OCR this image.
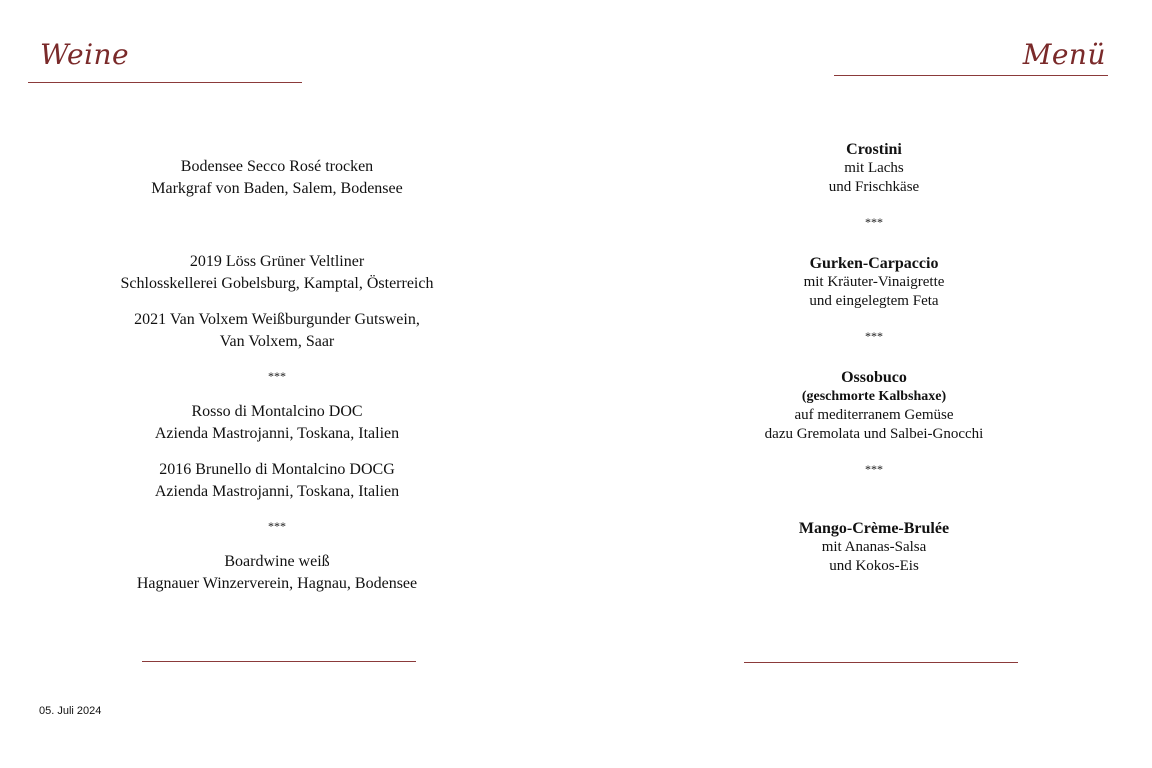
Weine	Menü
Bodensee Secco Rosé trocken
Markgraf von Baden, Salem, Bodensee
2019 Löss Grüner Veltliner
Schlosskellerei Gobelsburg, Kamptal, Österreich
2021 Van Volxem Weißburgunder Gutswein,
Van Volxem, Saar
***
Rosso di Montalcino DOC
Azienda Mastrojanni, Toskana, Italien
2016 Brunello di Montalcino DOCG
Azienda Mastrojanni, Toskana, Italien
***
Boardwine weiß
Hagnauer Winzerverein, Hagnau, Bodensee
Crostini
mit Lachs
und Frischkäse
***
Gurken-Carpaccio
mit Kräuter-Vinaigrette
und eingelegtem Feta
***
Ossobuco
(geschmorte Kalbshaxe)
auf mediterranem Gemüse
dazu Gremolata und Salbei-Gnocchi
***
Mango-Crème-Brulée
mit Ananas-Salsa
und Kokos-Eis
05. Juli 2024
